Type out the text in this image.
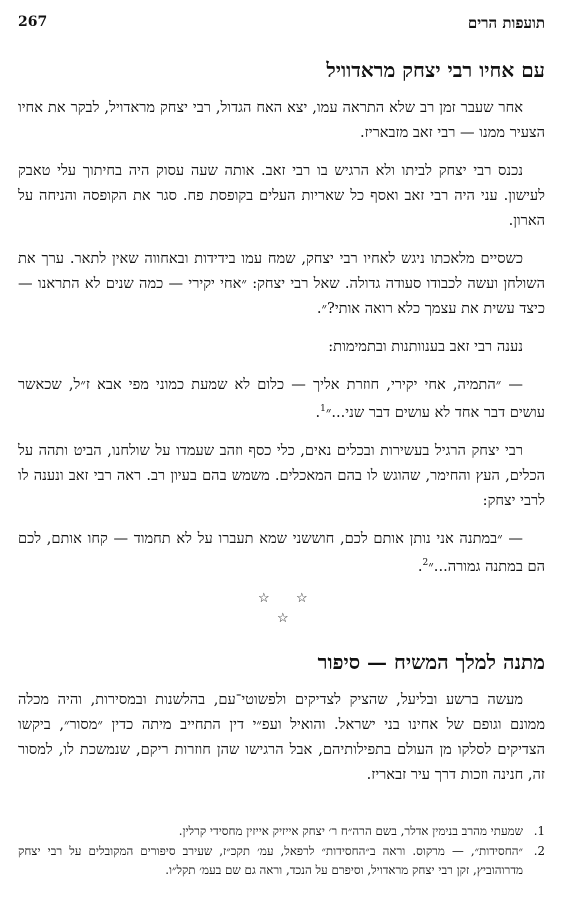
267	תועפות הרים
עם אחיו רבי יצחק מראדוויל

אחר שעבר זמן רב שלא התראה עמו, יצא האח הגדול, רבי יצחק מראדויל, לבקר את אחיו הצעיר ממנו — רבי זאב מזבאריז.

נכנס רבי יצחק לביתו ולא הרגיש בו רבי זאב. אותה שעה עסוק היה בחיתוך עלי טאבק לעישון. עני היה רבי זאב ואסף כל שאריות העלים בקופסת פח. סגר את הקופסה והניחה על הארון.

כשסיים מלאכתו ניגש לאחיו רבי יצחק, שמח עמו בידידות ובאחווה שאין לתאר. ערך את השולחן ועשה לכבודו סעודה גדולה. שאל רבי יצחק: ״אחי יקירי — כמה שנים לא התראנו — כיצד עשית את עצמך כלא רואה אותי?״.

נענה רבי זאב בענוותנות ובתמימות:

— ״התמיה, אחי יקירי, חוזרת אליך — כלום לא שמעת כמוני מפי אבא ז״ל, שכאשר עושים דבר אחד לא עושים דבר שני...״$^1$.

רבי יצחק הרגיל בעשירות ובכלים נאים, כלי כסף וזהב שעמדו על שולחנו, הביט ותהה על הכלים, העץ והחימר, שהוגש לו בהם המאכלים. משמש בהם בעיון רב. ראה רבי זאב ונענה לו לרבי יצחק:

— ״במתנה אני נותן אותם לכם, חוששני שמא תעברו על לא תחמוד — קחו אותם, לכם הם במתנה גמורה...״$^2$.

☆ ☆
☆
מתנה למלך המשיח — סיפור

מעשה ברשע ובליעל, שהציק לצדיקים ולפשוטי־עם, בהלשנות ובמסירות, והיה מכלה ממונם וגופם של אחינו בני ישראל. והואיל ועפ״י דין התחייב מיתה כדין ״מסור״, ביקשו הצדיקים לסלקו מן העולם בתפילותיהם, אבל הרגישו שהן חוזרות ריקם, שנמשכת לו, למסור זה, חנינה וזכות דרך עיר זבאריז.

1.
שמעתי מהרב בנימין אדלר, בשם הרה״ח ר׳ יצחק אייזיק אייזין מחסידי קרלין.
2.
״החסידות״, — מרקוס. וראה ב״החסידות״ לרפאל, עמ׳ תקכ״ז, שעירב סיפורים המקובלים על רבי יצחק מדרוהוביץ, זקן רבי יצחק מראדויל, וסיפרם על הנכד, וראה גם שם בעמ׳ תקל״ו.
